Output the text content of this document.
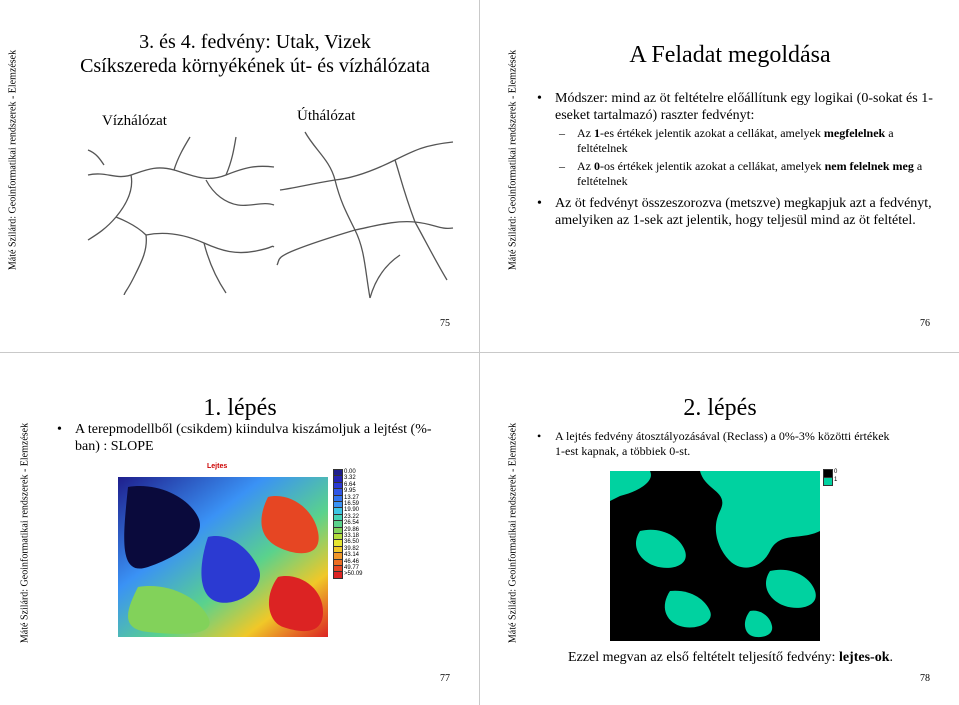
Máté Szilárd: Geoinformatikai rendszerek - Elemzések
3. és 4. fedvény: Utak, Vizek
Csíkszereda környékének út- és vízhálózata
Vízhálózat	Úthálózat
75
Máté Szilárd: Geoinformatikai rendszerek - Elemzések	A Feladat megoldása
• Módszer: mind az öt feltételre előállítunk egy logikai (0-sokat és 1-eseket tartalmazó) raszter fedvényt:
– Az 1-es értékek jelentik azokat a cellákat, amelyek megfelelnek a feltételnek
– Az 0-os értékek jelentik azokat a cellákat, amelyek nem felelnek meg a feltételnek
• Az öt fedvényt összeszorozva (metszve) megkapjuk azt a fedvényt, amelyiken az 1-sek azt jelentik, hogy teljesül mind az öt feltétel.
76
Máté Szilárd: Geoinformatikai rendszerek - Elemzések
1. lépés
• A terepmodellből (csikdem) kiindulva kiszámoljuk a lejtést (%-ban) : SLOPE
Lejtes
0.00
3.32
6.64
9.95
13.27
16.59
19.90
23.22
26.54
29.86
33.18
36.50
39.82
43.14
46.46
49.77
>50.09
77
Máté Szilárd: Geoinformatikai rendszerek - Elemzések
2. lépés
• A lejtés fedvény átosztályozásával (Reclass) a 0%-3% közötti értékek 1-est kapnak, a többiek 0-st.
0
1
Ezzel megvan az első feltételt teljesítő fedvény: lejtes-ok.
78
